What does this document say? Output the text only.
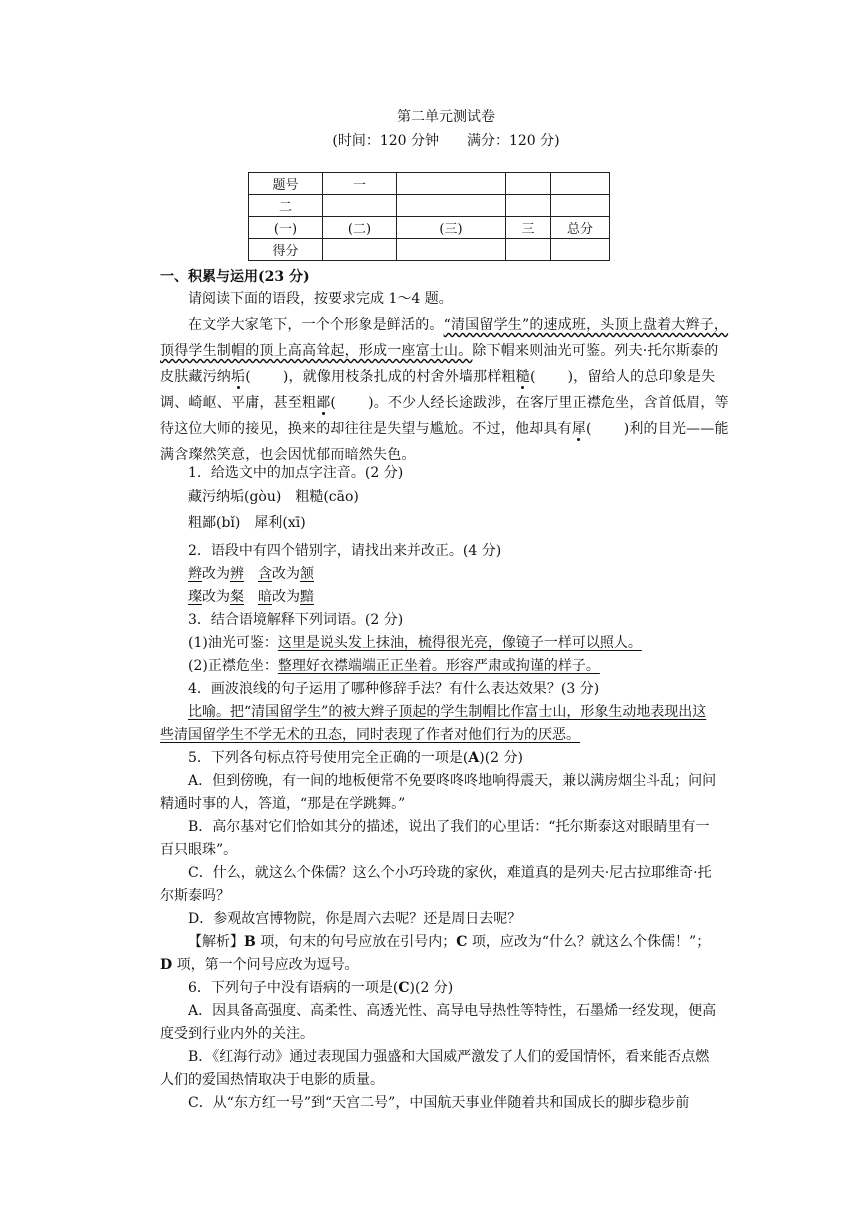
第二单元测试卷
(时间：120 分钟　　满分：120 分)
题号	一			
二				
(一)	(二)	(三)	三	总分
得分				
一、积累与运用(23 分)
请阅读下面的语段，按要求完成 1～4 题。
在文学大家笔下，一个个形象是鲜活的。“清国留学生”的速成班，头顶上盘着大辫子，顶得学生制帽的顶上高高耸起，形成一座富士山。除下帽来则油光可鉴。列夫·托尔斯泰的皮肤藏污纳垢( )，就像用枝条扎成的村舍外墙那样粗糙( )，留给人的总印象是失调、崎岖、平庸，甚至粗鄙( )。不少人经长途跋涉，在客厅里正襟危坐，含首低眉，等待这位大师的接见，换来的却往往是失望与尴尬。不过，他却具有犀( )利的目光——能满含璨然笑意，也会因忧郁而暗然失色。
1．给选文中的加点字注音。(2 分)
藏污纳垢(gòu)　粗糙(cāo)
粗鄙(bǐ)　犀利(xī)
2．语段中有四个错别字，请找出来并改正。(4 分)
辫改为辨　 含改为颔
璨改为粲　 暗改为黯
3．结合语境解释下列词语。(2 分)
(1)油光可鉴：这里是说头发上抹油，梳得很光亮，像镜子一样可以照人。
(2)正襟危坐：整理好衣襟端端正正坐着。形容严肃或拘谨的样子。
4．画波浪线的句子运用了哪种修辞手法？有什么表达效果？(3 分)
比喻。把“清国留学生”的被大辫子顶起的学生制帽比作富士山，形象生动地表现出这
些清国留学生不学无术的丑态，同时表现了作者对他们行为的厌恶。
5．下列各句标点符号使用完全正确的一项是(A)(2 分)
A．但到傍晚，有一间的地板便常不免要咚咚咚地响得震天，兼以满房烟尘斗乱；问问
精通时事的人，答道，“那是在学跳舞。”
B．高尔基对它们恰如其分的描述，说出了我们的心里话：“托尔斯泰这对眼睛里有一
百只眼珠”。
C．什么，就这么个侏儒？这么个小巧玲珑的家伙，难道真的是列夫·尼古拉耶维奇·托
尔斯泰吗？
D．参观故宫博物院，你是周六去呢？还是周日去呢？
【解析】B 项，句末的句号应放在引号内；C 项，应改为“什么？就这么个侏儒！”；
D 项，第一个问号应改为逗号。
6．下列句子中没有语病的一项是(C)(2 分)
A．因具备高强度、高柔性、高透光性、高导电导热性等特性，石墨烯一经发现，便高
度受到行业内外的关注。
B．《红海行动》通过表现国力强盛和大国威严激发了人们的爱国情怀，看来能否点燃
人们的爱国热情取决于电影的质量。
C．从“东方红一号”到“天宫二号”，中国航天事业伴随着共和国成长的脚步稳步前
